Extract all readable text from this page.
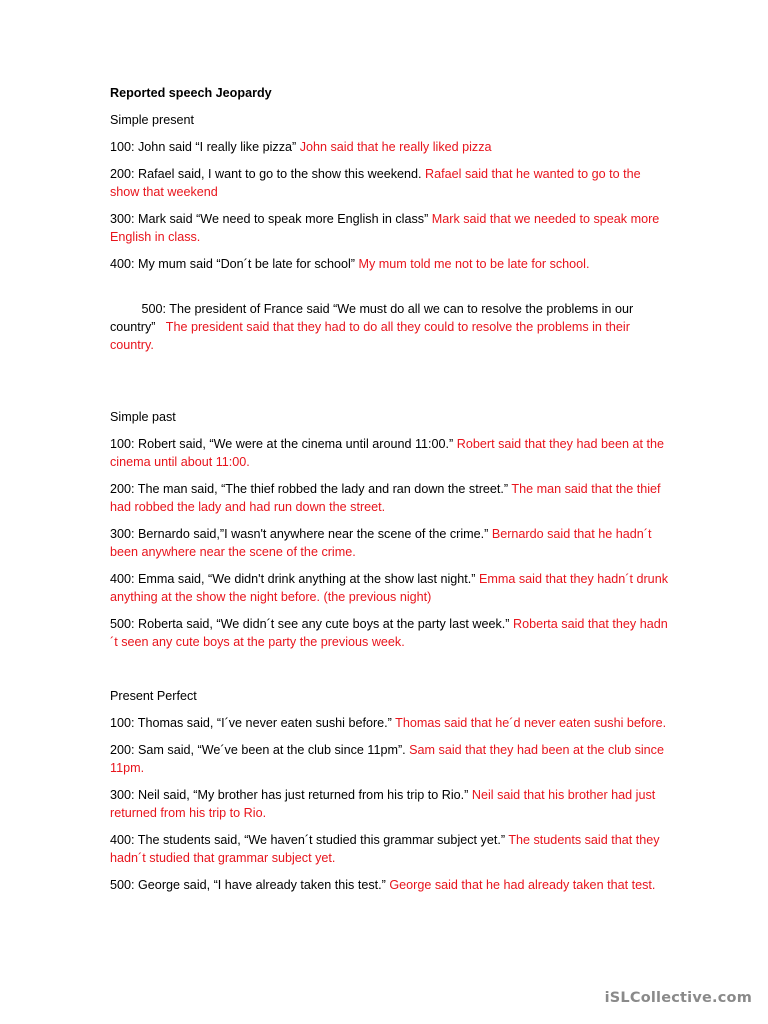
Reported speech Jeopardy
Simple present
100: John said “I really like pizza” John said that he really liked pizza
200: Rafael said, I want to go to the show this weekend. Rafael said that he wanted to go to the show that weekend
300: Mark said “We need to speak more English in class” Mark said that we needed to speak more English in class.
400: My mum said “Don´t be late for school” My mum told me not to be late for school.

500: The president of France said “We must do all we can to resolve the problems in our country”   The president said that they had to do all they could to resolve the problems in their country.

Simple past
100: Robert said, “We were at the cinema until around 11:00.” Robert said that they had been at the cinema until about 11:00.
200: The man said, “The thief robbed the lady and ran down the street.” The man said that the thief had robbed the lady and had run down the street.
300: Bernardo said,”I wasn't anywhere near the scene of the crime.” Bernardo said that he hadn´t been anywhere near the scene of the crime.
400: Emma said, “We didn't drink anything at the show last night.” Emma said that they hadn´t drunk anything at the show the night before. (the previous night)
500: Roberta said, “We didn´t see any cute boys at the party last week.” Roberta said that they hadn´t seen any cute boys at the party the previous week.
Present Perfect
100: Thomas said, “I´ve never eaten sushi before.” Thomas said that he´d never eaten sushi before.
200: Sam said, “We´ve been at the club since 11pm”. Sam said that they had been at the club since 11pm.
300: Neil said, “My brother has just returned from his trip to Rio.” Neil said that his brother had just returned from his trip to Rio.
400: The students said, “We haven´t studied this grammar subject yet.” The students said that they hadn´t studied that grammar subject yet.
500: George said, “I have already taken this test.” George said that he had already taken that test.
iSLCollective.com
